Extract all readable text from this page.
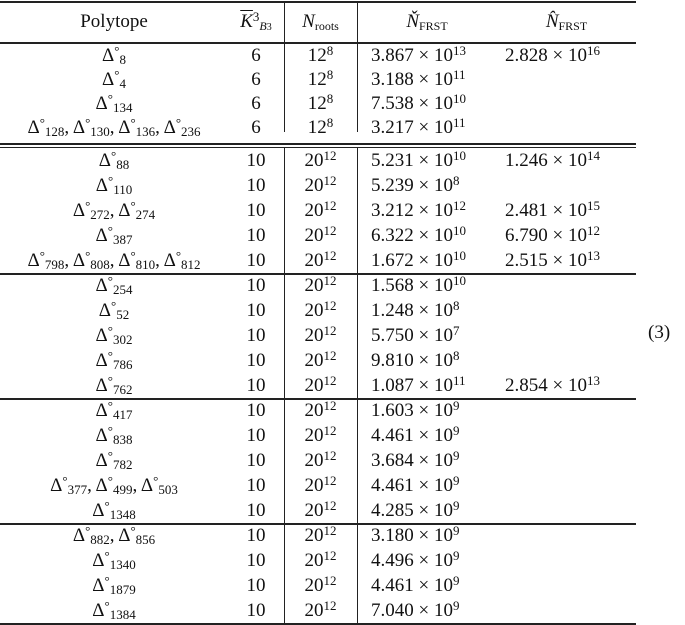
Polytope	$\overline{K}^3_{B3}$	$N_{roots}$	$Ň_{FRST}$	$N̂_{FRST}$
Δ°8	6	$12^8$	$3.867 \times 10^{13}$	$2.828 \times 10^{16}$
Δ°4	6	$12^8$	$3.188 \times 10^{11}$
Δ°134	6	$12^8$	$7.538 \times 10^{10}$
Δ°128, Δ°130, Δ°136, Δ°236	6	$12^8$	$3.217 \times 10^{11}$
Δ°88	10	$20^{12}$	$5.231 \times 10^{10}$	$1.246 \times 10^{14}$
Δ°110	10	$20^{12}$	$5.239 \times 10^8$
Δ°272, Δ°274	10	$20^{12}$	$3.212 \times 10^{12}$	$2.481 \times 10^{15}$
Δ°387	10	$20^{12}$	$6.322 \times 10^{10}$	$6.790 \times 10^{12}$
Δ°798, Δ°808, Δ°810, Δ°812	10	$20^{12}$	$1.672 \times 10^{10}$	$2.515 \times 10^{13}$
Δ°254	10	$20^{12}$	$1.568 \times 10^{10}$
Δ°52	10	$20^{12}$	$1.248 \times 10^8$
Δ°302	10	$20^{12}$	$5.750 \times 10^7$
Δ°786	10	$20^{12}$	$9.810 \times 10^8$
Δ°762	10	$20^{12}$	$1.087 \times 10^{11}$	$2.854 \times 10^{13}$
Δ°417	10	$20^{12}$	$1.603 \times 10^9$
Δ°838	10	$20^{12}$	$4.461 \times 10^9$
Δ°782	10	$20^{12}$	$3.684 \times 10^9$
Δ°377, Δ°499, Δ°503	10	$20^{12}$	$4.461 \times 10^9$
Δ°1348	10	$20^{12}$	$4.285 \times 10^9$
Δ°882, Δ°856	10	$20^{12}$	$3.180 \times 10^9$
Δ°1340	10	$20^{12}$	$4.496 \times 10^9$
Δ°1879	10	$20^{12}$	$4.461 \times 10^9$
Δ°1384	10	$20^{12}$	$7.040 \times 10^9$
(3)
